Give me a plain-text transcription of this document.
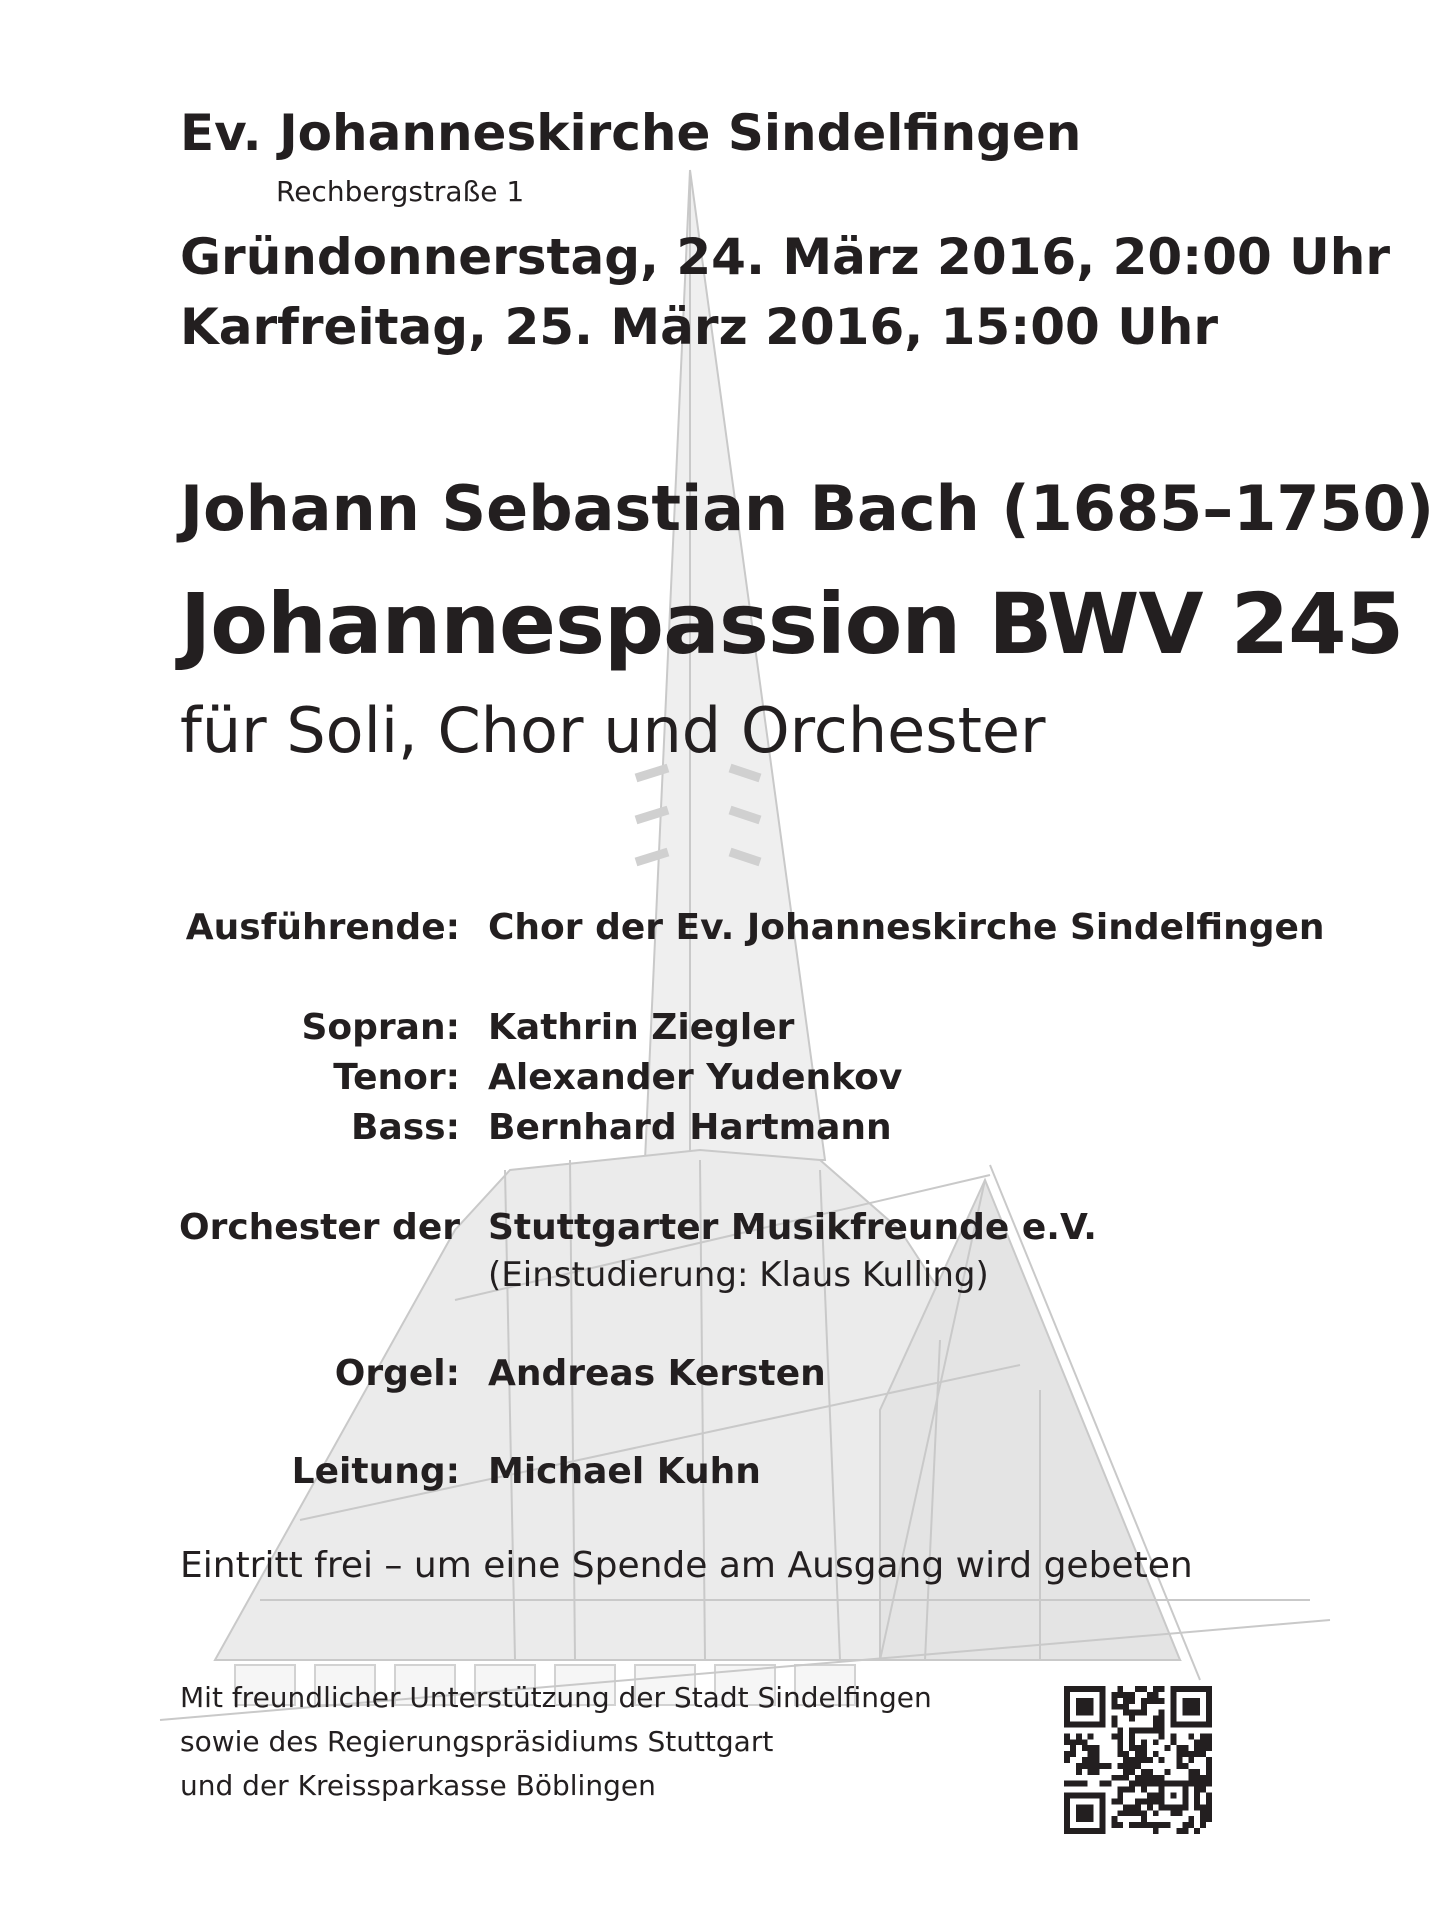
Ev. Johanneskirche Sindelfingen
Rechbergstraße 1
Gründonnerstag, 24. März 2016, 20:00 Uhr
Karfreitag, 25. März 2016, 15:00 Uhr
Johann Sebastian Bach (1685–1750)
Johannespassion BWV 245
für Soli, Chor und Orchester
Ausführende: Chor der Ev. Johanneskirche Sindelfingen
Sopran: Kathrin Ziegler
Tenor: Alexander Yudenkov
Bass: Bernhard Hartmann
Orchester der Stuttgarter Musikfreunde e.V.
(Einstudierung: Klaus Kulling)
Orgel: Andreas Kersten
Leitung: Michael Kuhn
Eintritt frei – um eine Spende am Ausgang wird gebeten
Mit freundlicher Unterstützung der Stadt Sindelfingen
sowie des Regierungspräsidiums Stuttgart
und der Kreissparkasse Böblingen
